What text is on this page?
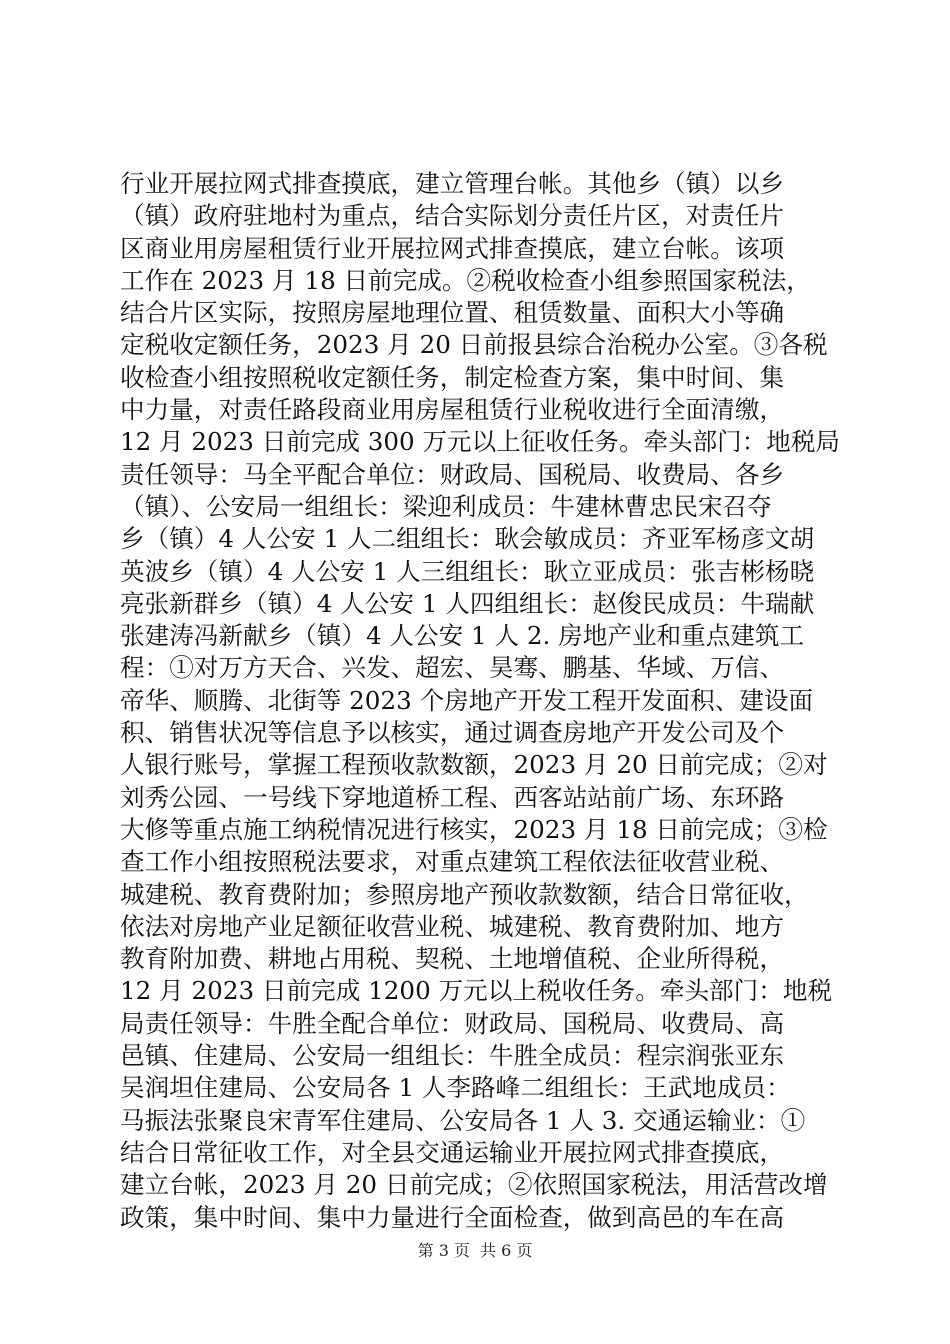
行业开展拉网式排查摸底，建立管理台帐。其他乡（镇）以乡
（镇）政府驻地村为重点，结合实际划分责任片区，对责任片
区商业用房屋租赁行业开展拉网式排查摸底，建立台帐。该项
工作在 2023 月 18 日前完成。②税收检查小组参照国家税法，
结合片区实际，按照房屋地理位置、租赁数量、面积大小等确
定税收定额任务，2023 月 20 日前报县综合治税办公室。③各税
收检查小组按照税收定额任务，制定检查方案，集中时间、集
中力量，对责任路段商业用房屋租赁行业税收进行全面清缴，
12 月 2023 日前完成 300 万元以上征收任务。牵头部门：地税局
责任领导：马全平配合单位：财政局、国税局、收费局、各乡
（镇）、公安局一组组长：梁迎利成员：牛建林曹忠民宋召夺
乡（镇）4 人公安 1 人二组组长：耿会敏成员：齐亚军杨彦文胡
英波乡（镇）4 人公安 1 人三组组长：耿立亚成员：张吉彬杨晓
亮张新群乡（镇）4 人公安 1 人四组组长：赵俊民成员：牛瑞献
张建涛冯新献乡（镇）4 人公安 1 人 2. 房地产业和重点建筑工
程：①对万方天合、兴发、超宏、昊骞、鹏基、华域、万信、
帝华、顺腾、北街等 2023 个房地产开发工程开发面积、建设面
积、销售状况等信息予以核实，通过调查房地产开发公司及个
人银行账号，掌握工程预收款数额，2023 月 20 日前完成；②对
刘秀公园、一号线下穿地道桥工程、西客站站前广场、东环路
大修等重点施工纳税情况进行核实，2023 月 18 日前完成；③检
查工作小组按照税法要求，对重点建筑工程依法征收营业税、
城建税、教育费附加；参照房地产预收款数额，结合日常征收，
依法对房地产业足额征收营业税、城建税、教育费附加、地方
教育附加费、耕地占用税、契税、土地增值税、企业所得税，
12 月 2023 日前完成 1200 万元以上税收任务。牵头部门：地税
局责任领导：牛胜全配合单位：财政局、国税局、收费局、高
邑镇、住建局、公安局一组组长：牛胜全成员：程宗润张亚东
吴润坦住建局、公安局各 1 人李路峰二组组长：王武地成员：
马振法张聚良宋青军住建局、公安局各 1 人 3. 交通运输业：①
结合日常征收工作，对全县交通运输业开展拉网式排查摸底，
建立台帐，2023 月 20 日前完成；②依照国家税法，用活营改增
政策，集中时间、集中力量进行全面检查，做到高邑的车在高
第 3 页 共 6 页
